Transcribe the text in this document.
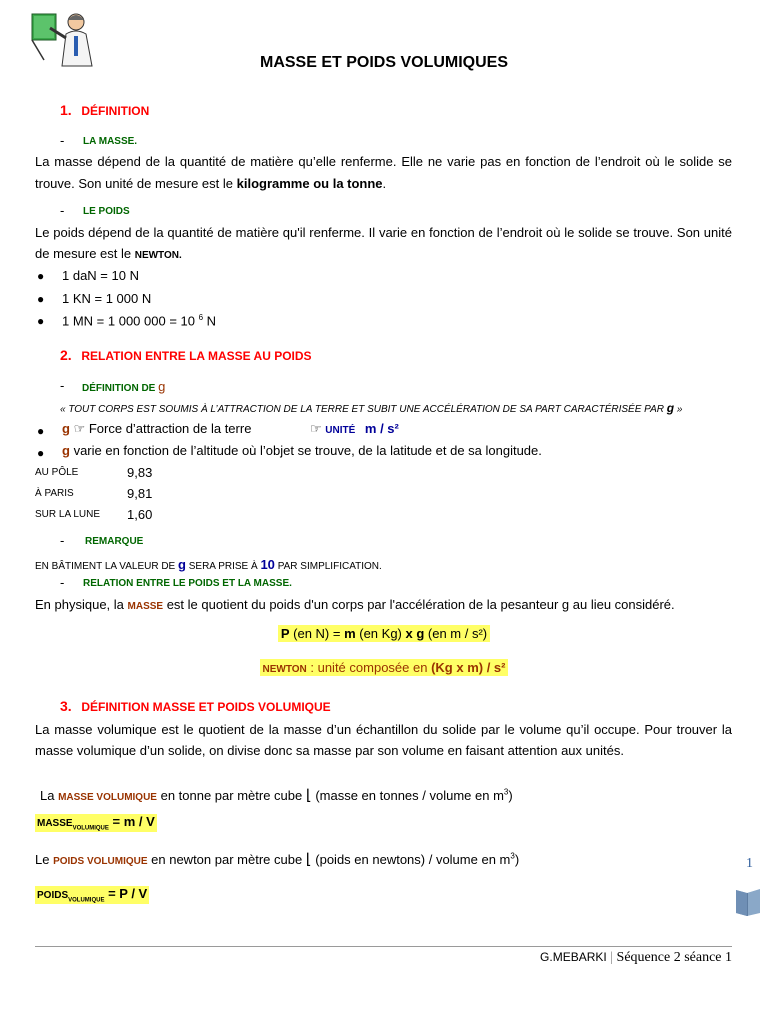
MASSE ET POIDS VOLUMIQUES
1. DÉFINITION
- LA MASSE.
La masse dépend de la quantité de matière qu’elle renferme. Elle ne varie pas en fonction de l’endroit où le solide se
trouve. Son unité de mesure est le kilogramme ou la tonne.
- LE POIDS
Le poids dépend de la quantité de matière qu'il renferme. Il varie en fonction de l’endroit où le solide se trouve. Son unité
de mesure est le NEWTON.
● 1 daN = 10 N
● 1 KN = 1 000 N
● 1 MN = 1 000 000 = 10 $^6$ N
2. RELATION ENTRE LA MASSE AU POIDS
- DÉFINITION DE g
« TOUT CORPS EST SOUMIS À L’ATTRACTION DE LA TERRE ET SUBIT UNE ACCÉLÉRATION DE SA PART CARACTÉRISÉE PAR g »
● g ☞ Force d’attraction de la terre	☞ UNITÉ m / s²
● g varie en fonction de l’altitude où l’objet se trouve, de la latitude et de sa longitude.
AU PÔLE	9,83
À PARIS	9,81
SUR LA LUNE 1,60
- REMARQUE
EN BÂTIMENT LA VALEUR DE g SERA PRISE À 10 PAR SIMPLIFICATION.
- RELATION ENTRE LE POIDS ET LA MASSE.
En physique, la MASSE est le quotient du poids d'un corps par l'accélération de la pesanteur g au lieu considéré.
P (en N) = m (en Kg) x g (en m / s²)
NEWTON : unité composée en (Kg x m) / s²
3. DÉFINITION MASSE ET POIDS VOLUMIQUE
La masse volumique est le quotient de la masse d’un échantillon du solide par le volume qu’il occupe. Pour trouver la
masse volumique d’un solide, on divise donc sa masse par son volume en faisant attention aux unités.
La MASSE VOLUMIQUE en tonne par mètre cube ⌊ (masse en tonnes / volume en $m^3$)
$MASSE_{VOLUMIQUE} = m / V$
Le POIDS VOLUMIQUE en newton par mètre cube ⌊ (poids en newtons) / volume en $m^3$)
$POIDS_{VOLUMIQUE} = P / V$
1
G.MEBARKI | Séquence 2 séance 1
